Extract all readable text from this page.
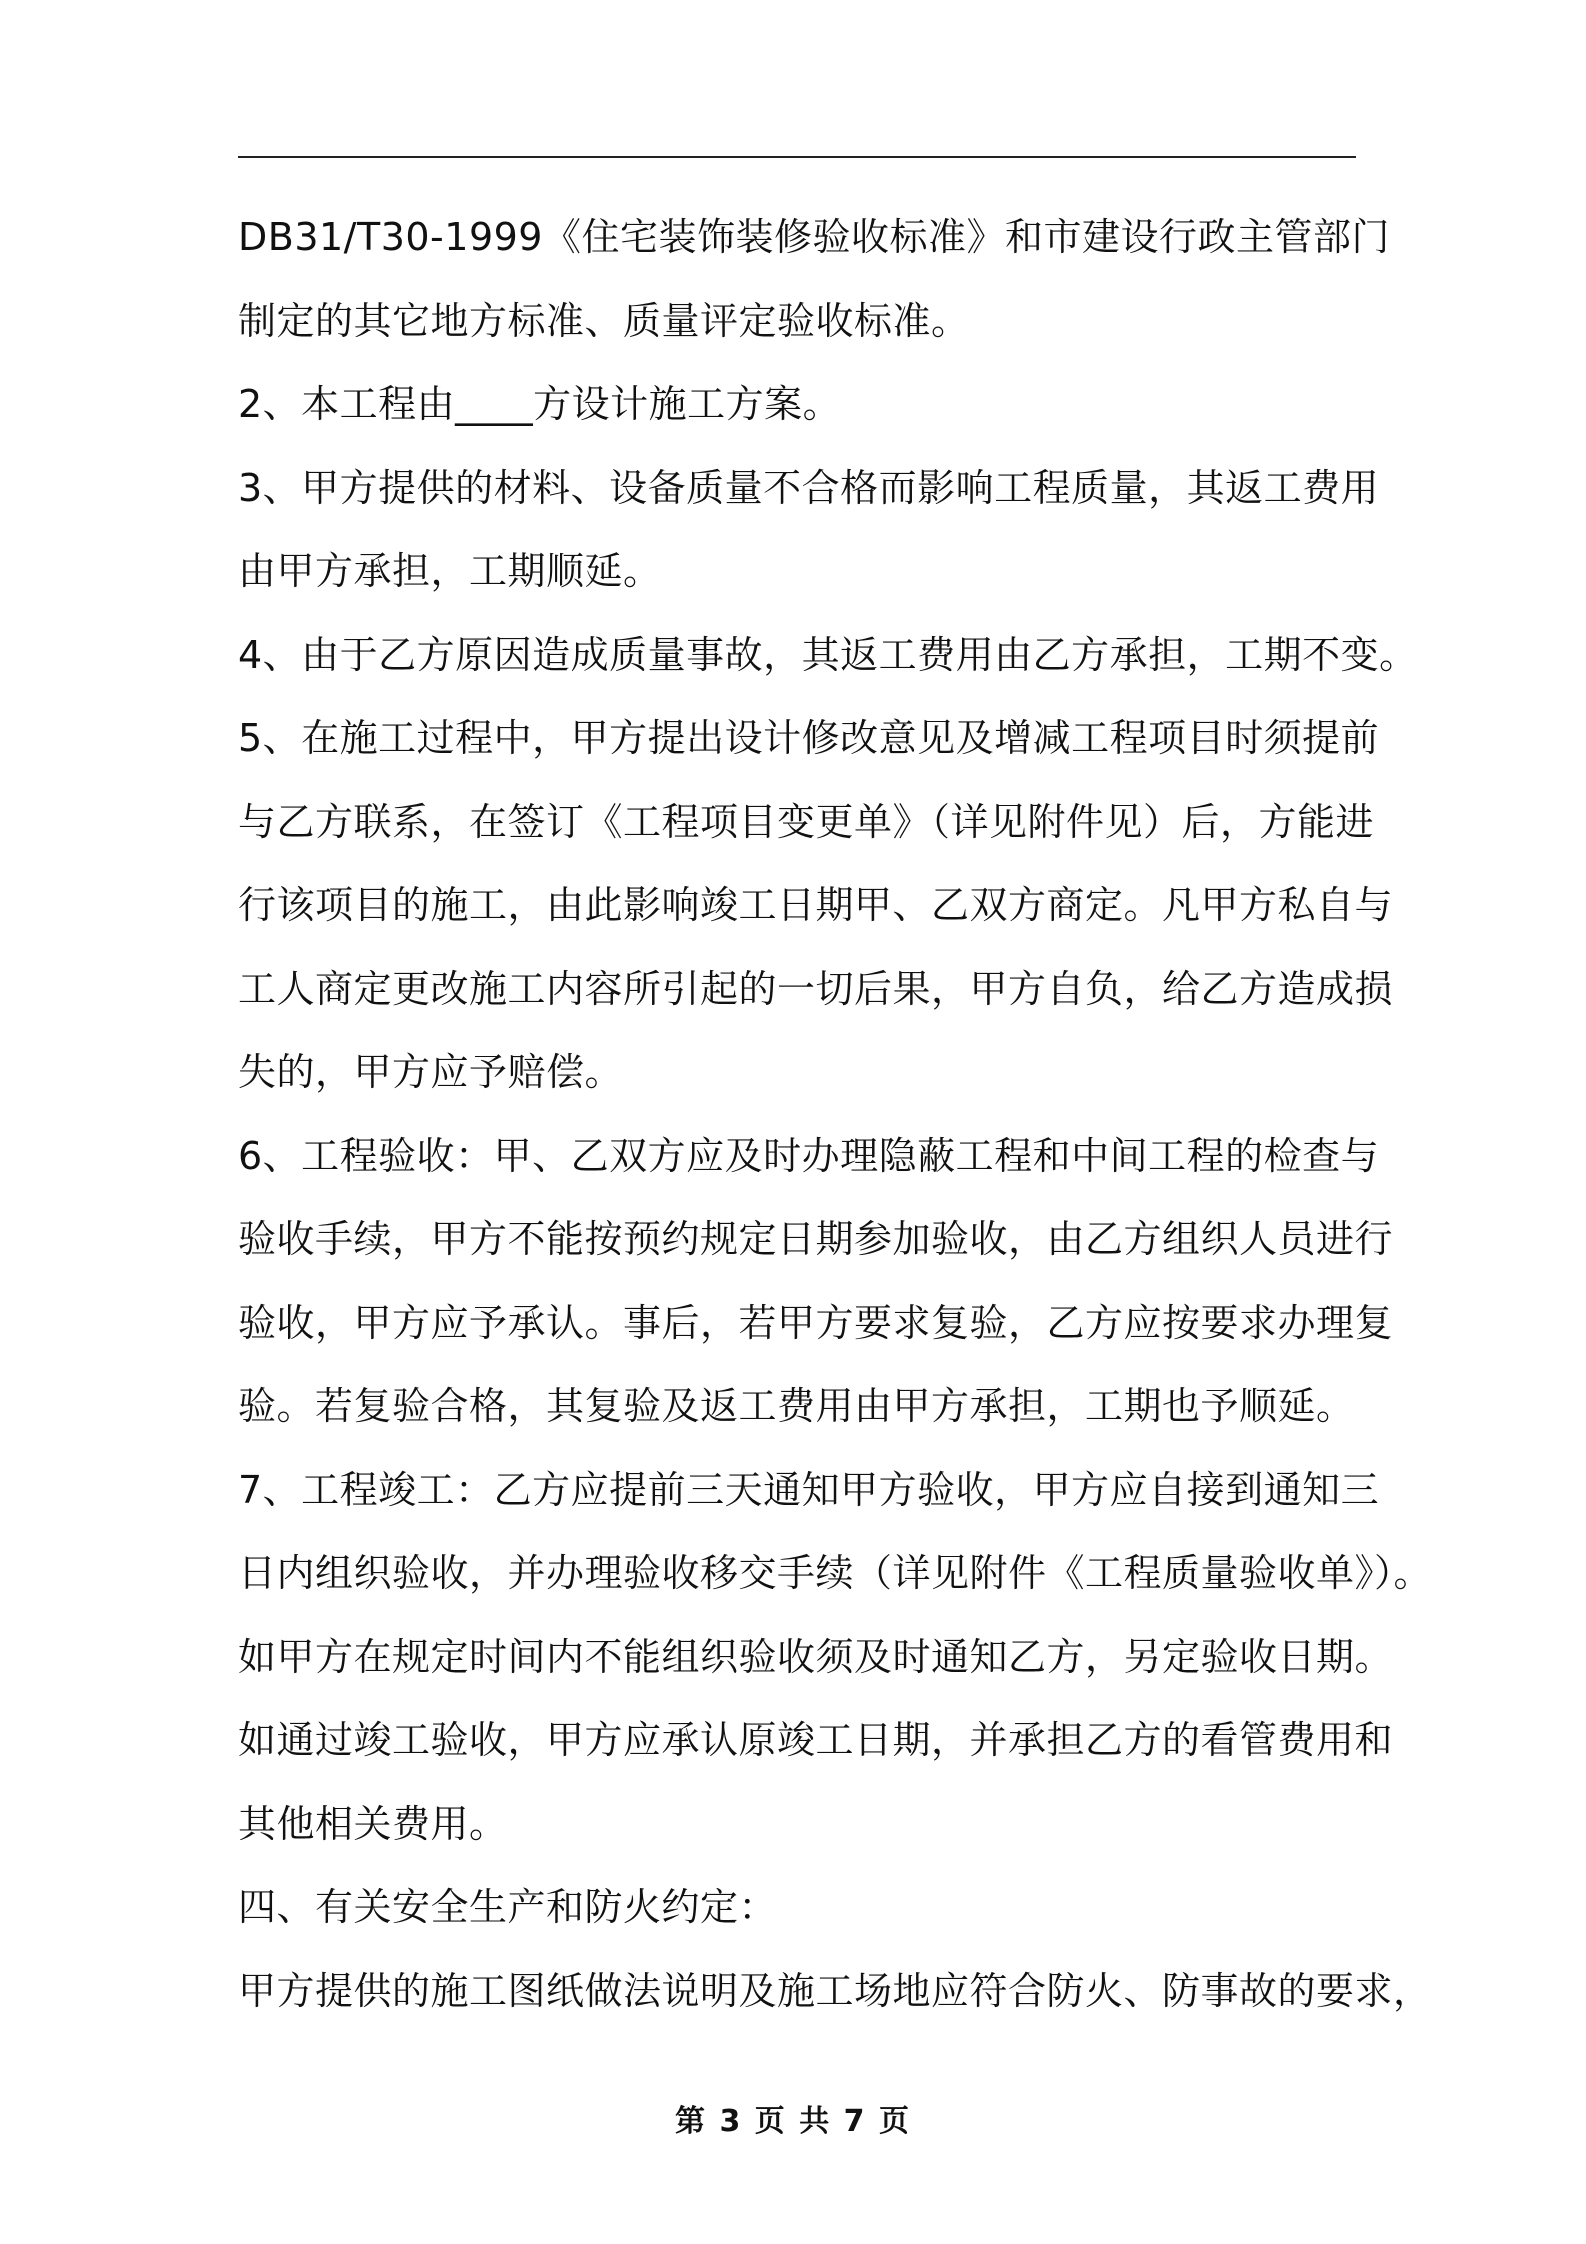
DB31/T30-1999《住宅装饰装修验收标准》和市建设行政主管部门
制定的其它地方标准、质量评定验收标准。
2、本工程由____方设计施工方案。
3、甲方提供的材料、设备质量不合格而影响工程质量，其返工费用
由甲方承担，工期顺延。
4、由于乙方原因造成质量事故，其返工费用由乙方承担，工期不变。
5、在施工过程中，甲方提出设计修改意见及增减工程项目时须提前
与乙方联系，在签订《工程项目变更单》（详见附件见）后，方能进
行该项目的施工，由此影响竣工日期甲、乙双方商定。凡甲方私自与
工人商定更改施工内容所引起的一切后果，甲方自负，给乙方造成损
失的，甲方应予赔偿。
6、工程验收：甲、乙双方应及时办理隐蔽工程和中间工程的检查与
验收手续，甲方不能按预约规定日期参加验收，由乙方组织人员进行
验收，甲方应予承认。事后，若甲方要求复验，乙方应按要求办理复
验。若复验合格，其复验及返工费用由甲方承担，工期也予顺延。
7、工程竣工：乙方应提前三天通知甲方验收，甲方应自接到通知三
日内组织验收，并办理验收移交手续（详见附件《工程质量验收单》）。
如甲方在规定时间内不能组织验收须及时通知乙方，另定验收日期。
如通过竣工验收，甲方应承认原竣工日期，并承担乙方的看管费用和
其他相关费用。
四、有关安全生产和防火约定：
甲方提供的施工图纸做法说明及施工场地应符合防火、防事故的要求，
第 3 页 共 7 页
